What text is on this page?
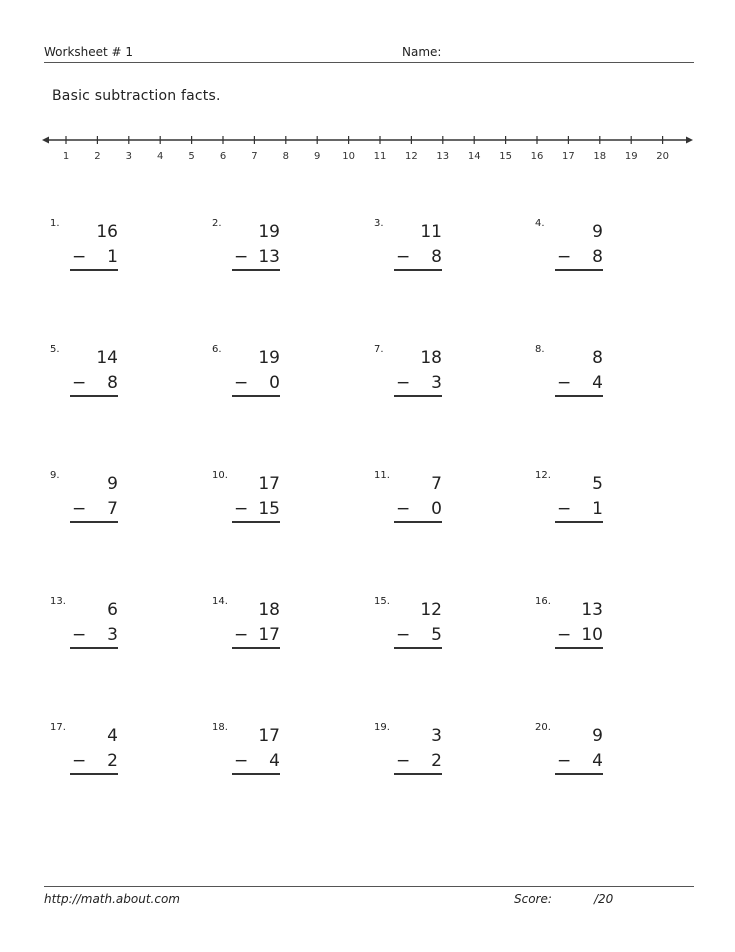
Worksheet # 1	Name:
Basic subtraction facts.
1	2	3	4	5	6	7	8	9 10 11 12 13 14 15 16 17 18 19 20
1. 16
− 1
2. 19
− 13
3. 11
− 8
4.	9
− 8
5. 14
− 8
6. 19
− 0
7. 18
− 3
8.	8
− 4
9.	9
− 7
10. 17
− 15
11. 7
− 0
12. 5
− 1
13. 6
− 3
14. 18
− 17
15. 12
− 5
16. 13
− 10
17. 4
− 2
18. 17
− 4
19. 3
− 2
20. 9
− 4
http://math.about.com	Score:	/20
